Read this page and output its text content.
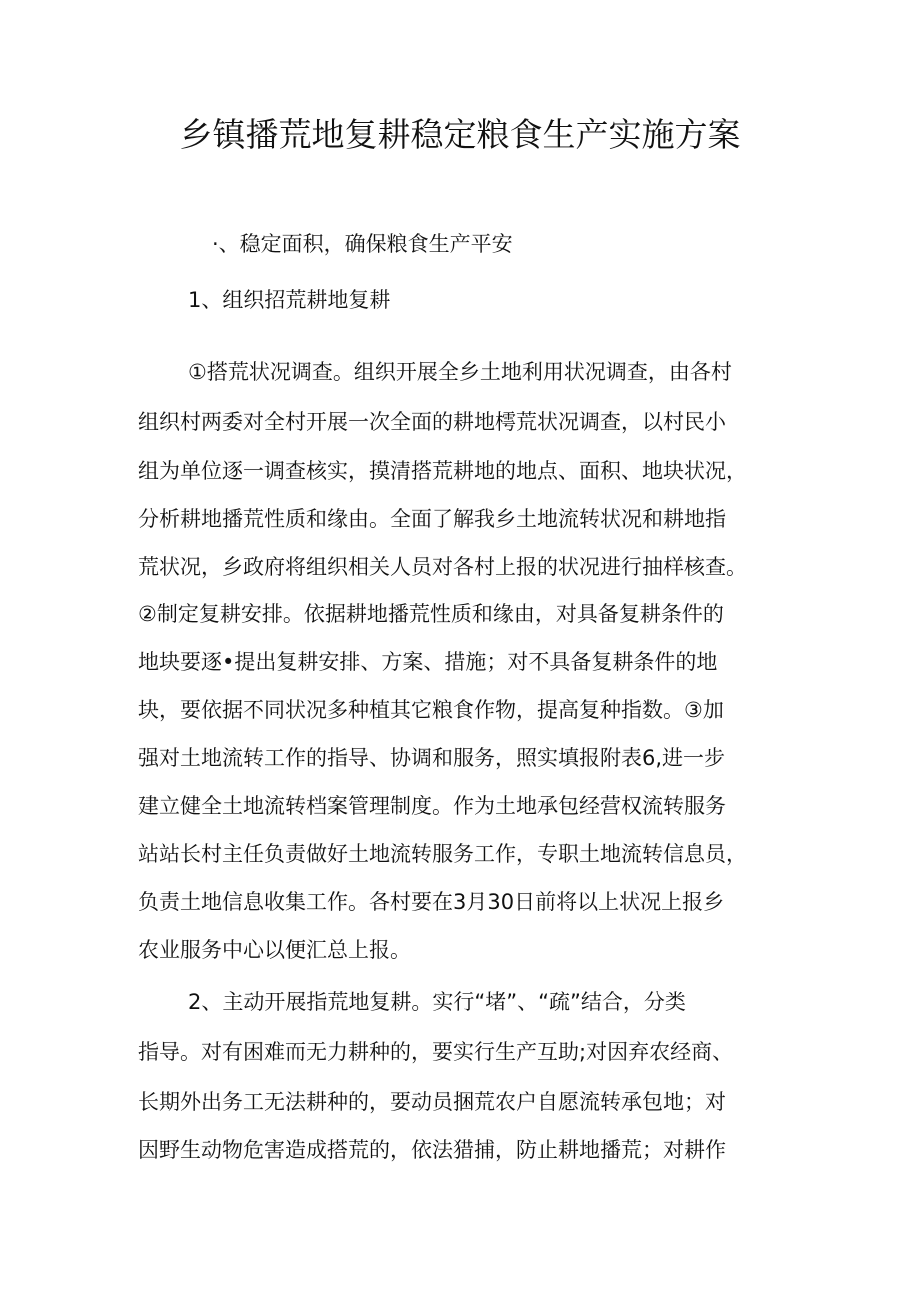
乡镇播荒地复耕稳定粮食生产实施方案

·、稳定面积，确保粮食生产平安

1、组织招荒耕地复耕

①搭荒状况调查。组织开展全乡土地利用状况调查，由各村

组织村两委对全村开展一次全面的耕地樗荒状况调查，以村民小

组为单位逐一调查核实，摸清搭荒耕地的地点、面积、地块状况，

分析耕地播荒性质和缘由。全面了解我乡土地流转状况和耕地指

荒状况，乡政府将组织相关人员对各村上报的状况进行抽样核查。

②制定复耕安排。依据耕地播荒性质和缘由，对具备复耕条件的

地块要逐•提出复耕安排、方案、措施；对不具备复耕条件的地

块，要依据不同状况多种植其它粮食作物，提高复种指数。③加

强对土地流转工作的指导、协调和服务，照实填报附表6,进一步

建立健全土地流转档案管理制度。作为土地承包经营权流转服务

站站长村主任负责做好土地流转服务工作，专职土地流转信息员，

负责土地信息收集工作。各村要在3月30日前将以上状况上报乡

农业服务中心以便汇总上报。

2、主动开展指荒地复耕。实行“堵”、“疏”结合，分类

指导。对有困难而无力耕种的，要实行生产互助;对因弃农经商、

长期外出务工无法耕种的，要动员捆荒农户自愿流转承包地；对

因野生动物危害造成搭荒的，依法猎捕，防止耕地播荒；对耕作
